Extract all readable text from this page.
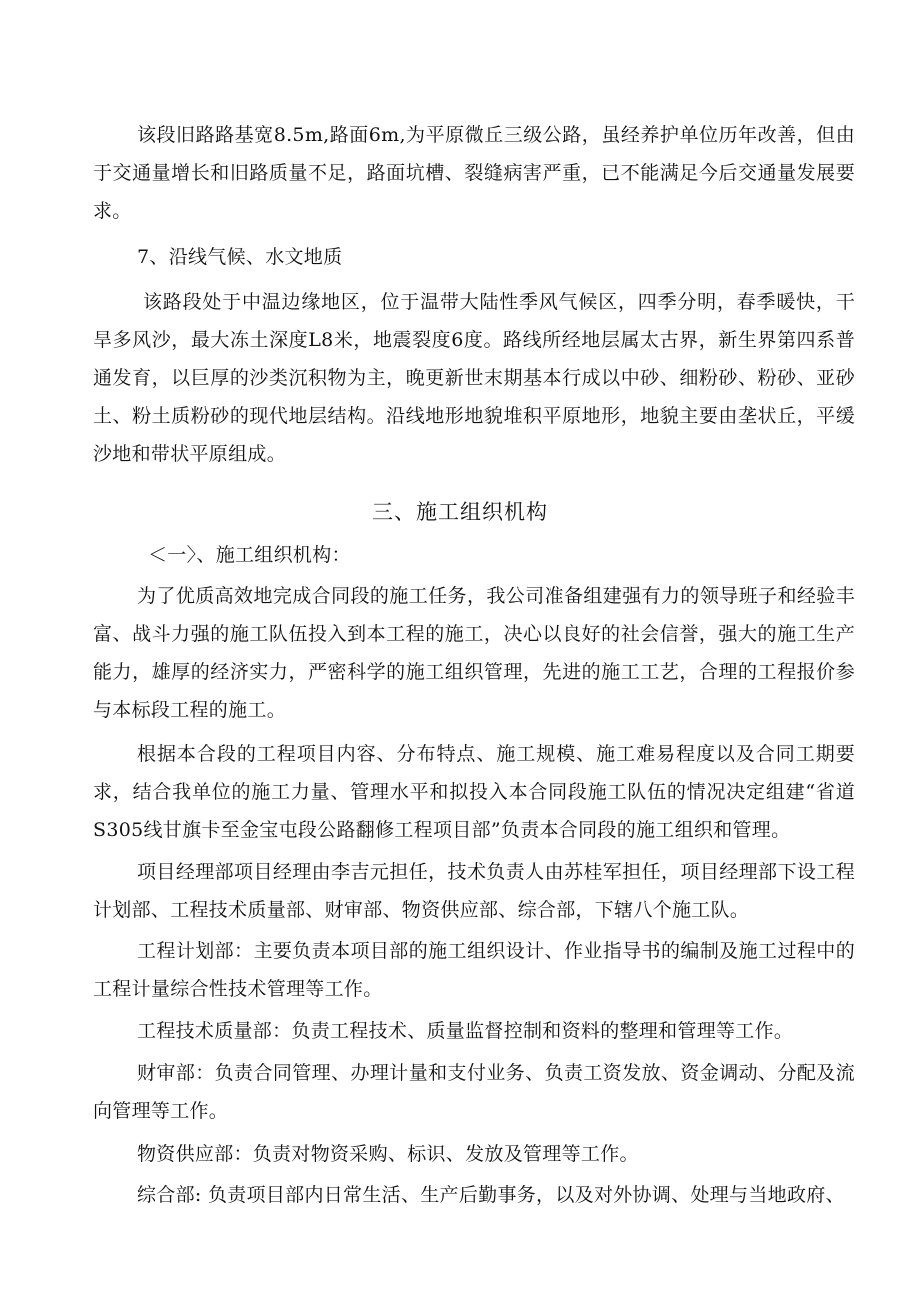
该段旧路路基宽8.5m,路面6m,为平原微丘三级公路，虽经养护单位历年改善，但由于交通量增长和旧路质量不足，路面坑槽、裂缝病害严重，已不能满足今后交通量发展要求。

7、沿线气候、水文地质

该路段处于中温边缘地区，位于温带大陆性季风气候区，四季分明，春季暖快，干旱多风沙，最大冻土深度L8米，地震裂度6度。路线所经地层属太古界，新生界第四系普通发育，以巨厚的沙类沉积物为主，晚更新世末期基本行成以中砂、细粉砂、粉砂、亚砂土、粉土质粉砂的现代地层结构。沿线地形地貌堆积平原地形，地貌主要由垄状丘，平缓沙地和带状平原组成。

三、施工组织机构

＜一〉、施工组织机构：

为了优质高效地完成合同段的施工任务，我公司准备组建强有力的领导班子和经验丰富、战斗力强的施工队伍投入到本工程的施工，决心以良好的社会信誉，强大的施工生产能力，雄厚的经济实力，严密科学的施工组织管理，先进的施工工艺，合理的工程报价参与本标段工程的施工。

根据本合段的工程项目内容、分布特点、施工规模、施工难易程度以及合同工期要求，结合我单位的施工力量、管理水平和拟投入本合同段施工队伍的情况决定组建“省道S305线甘旗卡至金宝屯段公路翻修工程项目部”负责本合同段的施工组织和管理。

项目经理部项目经理由李吉元担任，技术负责人由苏桂军担任，项目经理部下设工程计划部、工程技术质量部、财审部、物资供应部、综合部，下辖八个施工队。

工程计划部：主要负责本项目部的施工组织设计、作业指导书的编制及施工过程中的工程计量综合性技术管理等工作。

工程技术质量部：负责工程技术、质量监督控制和资料的整理和管理等工作。

财审部：负责合同管理、办理计量和支付业务、负责工资发放、资金调动、分配及流向管理等工作。

物资供应部：负责对物资采购、标识、发放及管理等工作。

综合部: 负责项目部内日常生活、生产后勤事务，以及对外协调、处理与当地政府、
